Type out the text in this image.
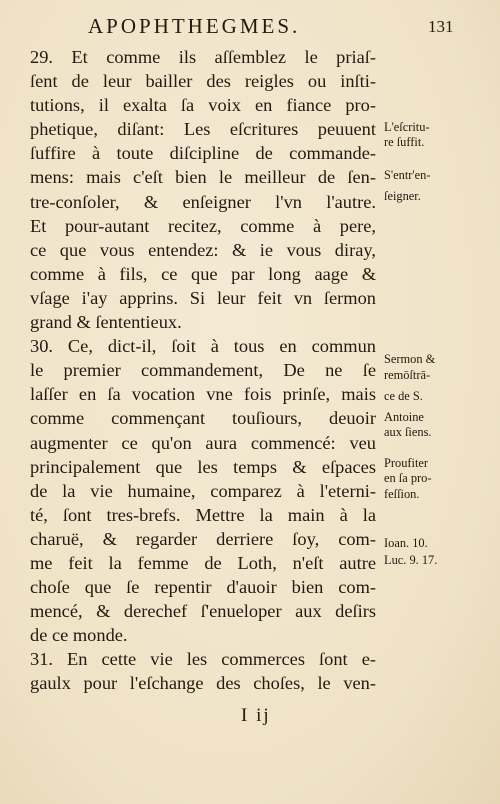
APOPHTHEGMES.	131
29. Et comme ils aſſemblez le priaſ-
ſent de leur bailler des reigles ou inſti-
tutions, il exalta ſa voix en fiance pro-
phetique, diſant: Les eſcritures peuuent
ſuffire à toute diſcipline de commande-
mens: mais c'eſt bien le meilleur de ſen-
tre-conſoler, & enſeigner l'vn l'autre.
Et pour-autant recitez, comme à pere,
ce que vous entendez: & ie vous diray,
comme à fils, ce que par long aage &
vſage i'ay apprins. Si leur feit vn ſermon
grand & ſententieux.
30. Ce, dict-il, ſoit à tous en commun
le premier commandement, De ne ſe
laſſer en ſa vocation vne fois prinſe, mais
comme commençant touſiours, deuoir
augmenter ce qu'on aura commencé: veu
principalement que les temps & eſpaces
de la vie humaine, comparez à l'eterni-
té, ſont tres-brefs. Mettre la main à la
charuë, & regarder derriere ſoy, com-
me feit la femme de Loth, n'eſt autre
choſe que ſe repentir d'auoir bien com-
mencé, & derechef ſ'enueloper aux deſirs
de ce monde.
31. En cette vie les commerces ſont e-
gaulx pour l'eſchange des choſes, le ven-
L'eſcritu-
re ſuffit.
S'entr'en-
ſeigner.
Sermon &
remōſtrā-
ce de S.
Antoine
aux ſiens.
Proufiter
en ſa pro-
feſſion.
Ioan. 10.
Luc. 9. 17.
I ij
